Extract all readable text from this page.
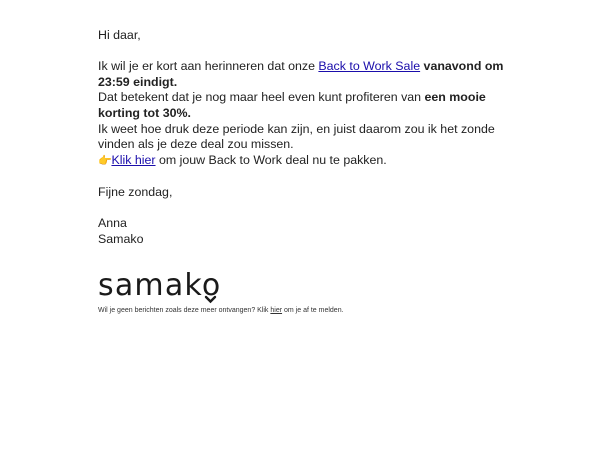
Hi daar,

Ik wil je er kort aan herinneren dat onze Back to Work Sale vanavond om 23:59 eindigt.

Dat betekent dat je nog maar heel even kunt profiteren van een mooie korting tot 30%.

Ik weet hoe druk deze periode kan zijn, en juist daarom zou ik het zonde vinden als je deze deal zou missen.

👉 Klik hier om jouw Back to Work deal nu te pakken.

Fijne zondag,

Anna

Samako

samako

Wil je geen berichten zoals deze meer ontvangen? Klik hier om je af te melden.
